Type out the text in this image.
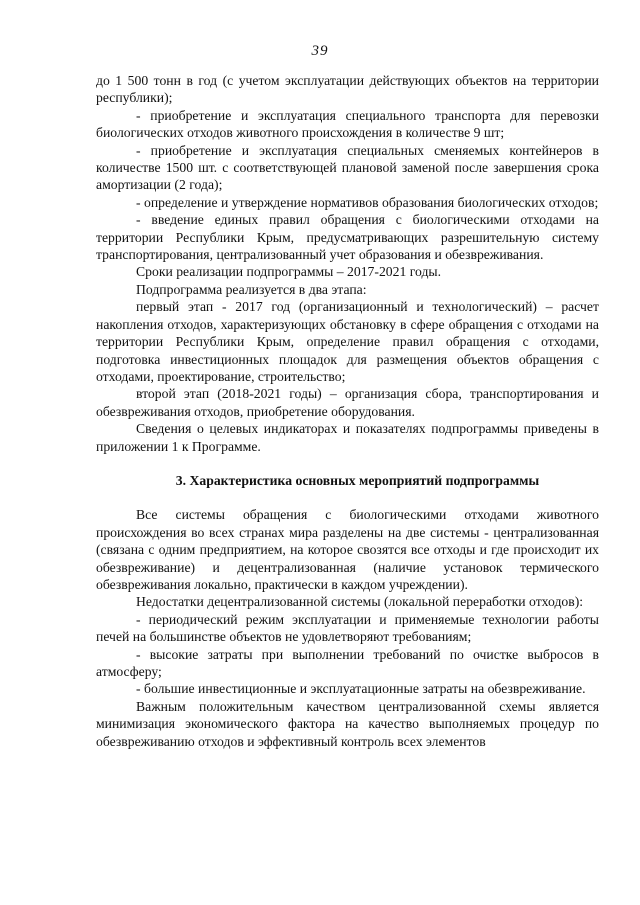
39

до 1 500 тонн в год (с учетом эксплуатации действующих объектов на территории республики);

- приобретение и эксплуатация специального транспорта для перевозки биологических отходов животного происхождения в количестве 9 шт;

- приобретение и эксплуатация специальных сменяемых контейнеров в количестве 1500 шт. с соответствующей плановой заменой после завершения срока амортизации (2 года);

- определение и утверждение нормативов образования биологических отходов;

- введение единых правил обращения с биологическими отходами на территории Республики Крым, предусматривающих разрешительную систему транспортирования, централизованный учет образования и обезвреживания.

Сроки реализации подпрограммы – 2017-2021 годы.

Подпрограмма реализуется в два этапа:

первый этап - 2017 год (организационный и технологический) – расчет накопления отходов, характеризующих обстановку в сфере обращения с отходами на территории Республики Крым, определение правил обращения с отходами, подготовка инвестиционных площадок для размещения объектов обращения с отходами, проектирование, строительство;

второй этап (2018-2021 годы) – организация сбора, транспортирования и обезвреживания отходов, приобретение оборудования.

Сведения о целевых индикаторах и показателях подпрограммы приведены в приложении 1 к Программе.

3. Характеристика основных мероприятий подпрограммы

Все системы обращения с биологическими отходами животного происхождения во всех странах мира разделены на две системы - централизованная (связана с одним предприятием, на которое свозятся все отходы и где происходит их обезвреживание) и децентрализованная (наличие установок термического обезвреживания локально, практически в каждом учреждении).

Недостатки децентрализованной системы (локальной переработки отходов):

- периодический режим эксплуатации и применяемые технологии работы печей на большинстве объектов не удовлетворяют требованиям;

- высокие затраты при выполнении требований по очистке выбросов в атмосферу;

- большие инвестиционные и эксплуатационные затраты на обезвреживание.

Важным положительным качеством централизованной схемы является минимизация экономического фактора на качество выполняемых процедур по обезвреживанию отходов и эффективный контроль всех элементов
